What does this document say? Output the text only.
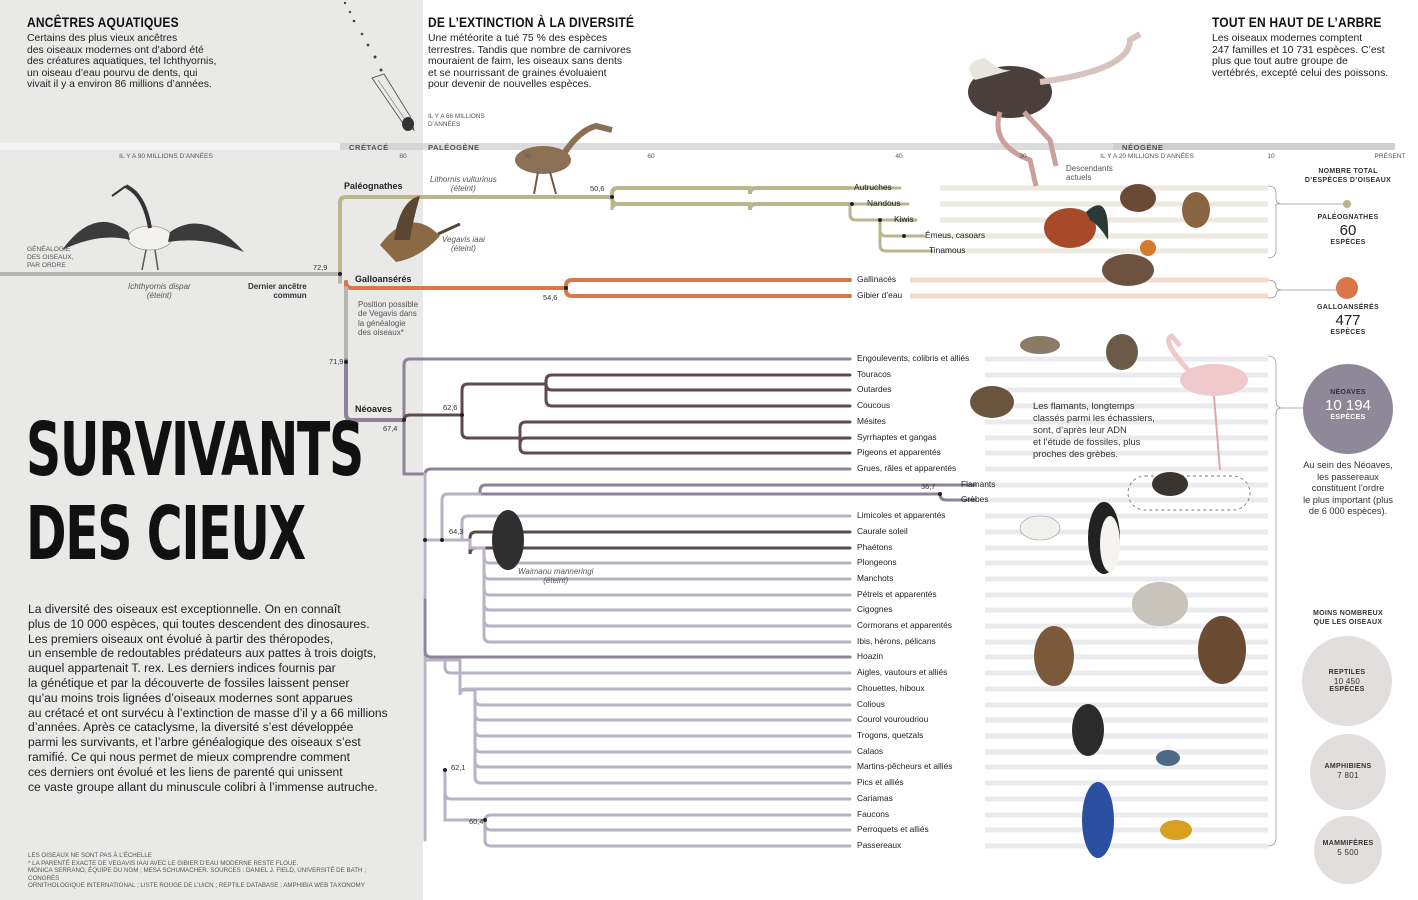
ANCÊTRES AQUATIQUES
Certains des plus vieux ancêtres
des oiseaux modernes ont d’abord été
des créatures aquatiques, tel Ichthyornis,
un oiseau d’eau pourvu de dents, qui
vivait il y a environ 86 millions d’années.
DE L’EXTINCTION À LA DIVERSITÉ
Une météorite a tué 75 % des espèces
terrestres. Tandis que nombre de carnivores
mouraient de faim, les oiseaux sans dents
et se nourrissant de graines évoluaient
pour devenir de nouvelles espèces.
TOUT EN HAUT DE L’ARBRE
Les oiseaux modernes comptent
247 familles et 10 731 espèces. C’est
plus que tout autre groupe de
vertébrés, excepté celui des poissons.
IL Y A 66 MILLIONS
D’ANNÉES
CRÉTACÉ	PALÉOGÈNE	NÉOGÈNE
IL Y A 90 MILLIONS D’ANNÉES	80	70	60	40	30	IL Y A 20 MILLIONS D’ANNÉES	10	PRÉSENT
GÉNÉALOGIE
DES OISEAUX,
PAR ORDRE
Ichthyornis dispar
(éteint)
Lithornis vulturinus
(éteint)
Vegavis iaai
(éteint)
Waimanu manneringi
(éteint)
Position possible
de Vegavis dans
la généalogie
des oiseaux*
Descendants
actuels
Dernier ancêtre
commun
Paléognathes
Galloansérés
Néoaves
72,9
71,9
67,4
50,6
54,6
62,6
36,7
64,3
62,1
60,4
Autruches
Nandous
Kiwis
Émeus, casoars
Tinamous
Gallinacés
Gibier d’eau
Engoulevents, colibris et alliés
Touracos
Outardes
Coucous
Mésites
Syrrhaptes et gangas
Pigeons et apparentés
Grues, râles et apparentés
Flamants
Grèbes
Limicoles et apparentés
Caurale soleil
Phaétons
Plongeons
Manchots
Pétrels et apparentés
Cigognes
Cormorans et apparentés
Ibis, hérons, pélicans
Hoazin
Aigles, vautours et alliés
Chouettes, hiboux
Colious
Courol vouroudriou
Trogons, quetzals
Calaos
Martins-pêcheurs et alliés
Pics et alliés
Cariamas
Faucons
Perroquets et alliés
Passereaux
Les flamants, longtemps
classés parmi les échassiers,
sont, d’après leur ADN
et l’étude de fossiles, plus
proches des grèbes.
NOMBRE TOTAL
D’ESPÈCES D’OISEAUX
PALÉOGNATHES
60
ESPÈCES
GALLOANSÉRÉS
477
ESPÈCES
NÉOAVES
10 194
ESPÈCES
Au sein des Néoaves,
les passereaux
constituent l’ordre
le plus important (plus
de 6 000 espèces).
MOINS NOMBREUX
QUE LES OISEAUX
REPTILES
10 450
ESPÈCES
AMPHIBIENS
7 801
MAMMIFÈRES
5 500
SURVIVANTS
DES CIEUX
La diversité des oiseaux est exceptionnelle. On en connaît
plus de 10 000 espèces, qui toutes descendent des dinosaures.
Les premiers oiseaux ont évolué à partir des théropodes,
un ensemble de redoutables prédateurs aux pattes à trois doigts,
auquel appartenait T. rex. Les derniers indices fournis par
la génétique et par la découverte de fossiles laissent penser
qu’au moins trois lignées d’oiseaux modernes sont apparues
au crétacé et ont survécu à l’extinction de masse d’il y a 66 millions
d’années. Après ce cataclysme, la diversité s’est développée
parmi les survivants, et l’arbre généalogique des oiseaux s’est
ramifié. Ce qui nous permet de mieux comprendre comment
ces derniers ont évolué et les liens de parenté qui unissent
ce vaste groupe allant du minuscule colibri à l’immense autruche.
LES OISEAUX NE SONT PAS À L’ÉCHELLE
* LA PARENTÉ EXACTE DE VEGAVIS IAAI AVEC LE GIBIER D’EAU MODERNE RESTE FLOUE.
MÓNICA SERRANO, ÉQUIPE DU NGM ; MESA SCHUMACHER. SOURCES : DANIEL J. FIELD, UNIVERSITÉ DE BATH ; CONGRÈS
ORNITHOLOGIQUE INTERNATIONAL ; LISTE ROUGE DE L’UICN ; REPTILE DATABASE ; AMPHIBIA WEB TAXONOMY
